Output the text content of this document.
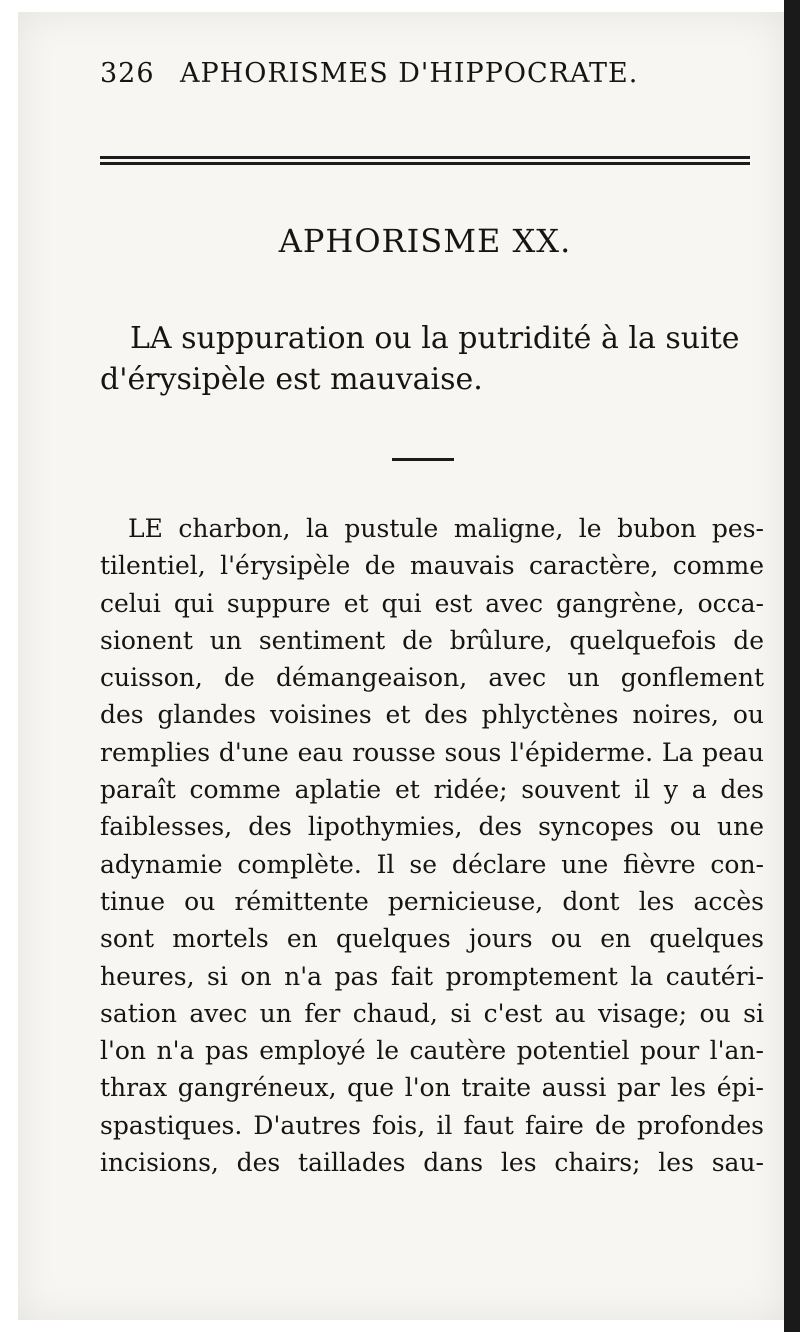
326 APHORISMES D'HIPPOCRATE.
APHORISME XX.
LA suppuration ou la putridité à la suite
d'érysipèle est mauvaise.
LE charbon, la pustule maligne, le bubon pes-
tilentiel, l'érysipèle de mauvais caractère, comme
celui qui suppure et qui est avec gangrène, occa-
sionent un sentiment de brûlure, quelquefois de
cuisson, de démangeaison, avec un gonflement
des glandes voisines et des phlyctènes noires, ou
remplies d'une eau rousse sous l'épiderme. La peau
paraît comme aplatie et ridée; souvent il y a des
faiblesses, des lipothymies, des syncopes ou une
adynamie complète. Il se déclare une fièvre con-
tinue ou rémittente pernicieuse, dont les accès
sont mortels en quelques jours ou en quelques
heures, si on n'a pas fait promptement la cautéri-
sation avec un fer chaud, si c'est au visage; ou si
l'on n'a pas employé le cautère potentiel pour l'an-
thrax gangréneux, que l'on traite aussi par les épi-
spastiques. D'autres fois, il faut faire de profondes
incisions, des taillades dans les chairs; les sau-
